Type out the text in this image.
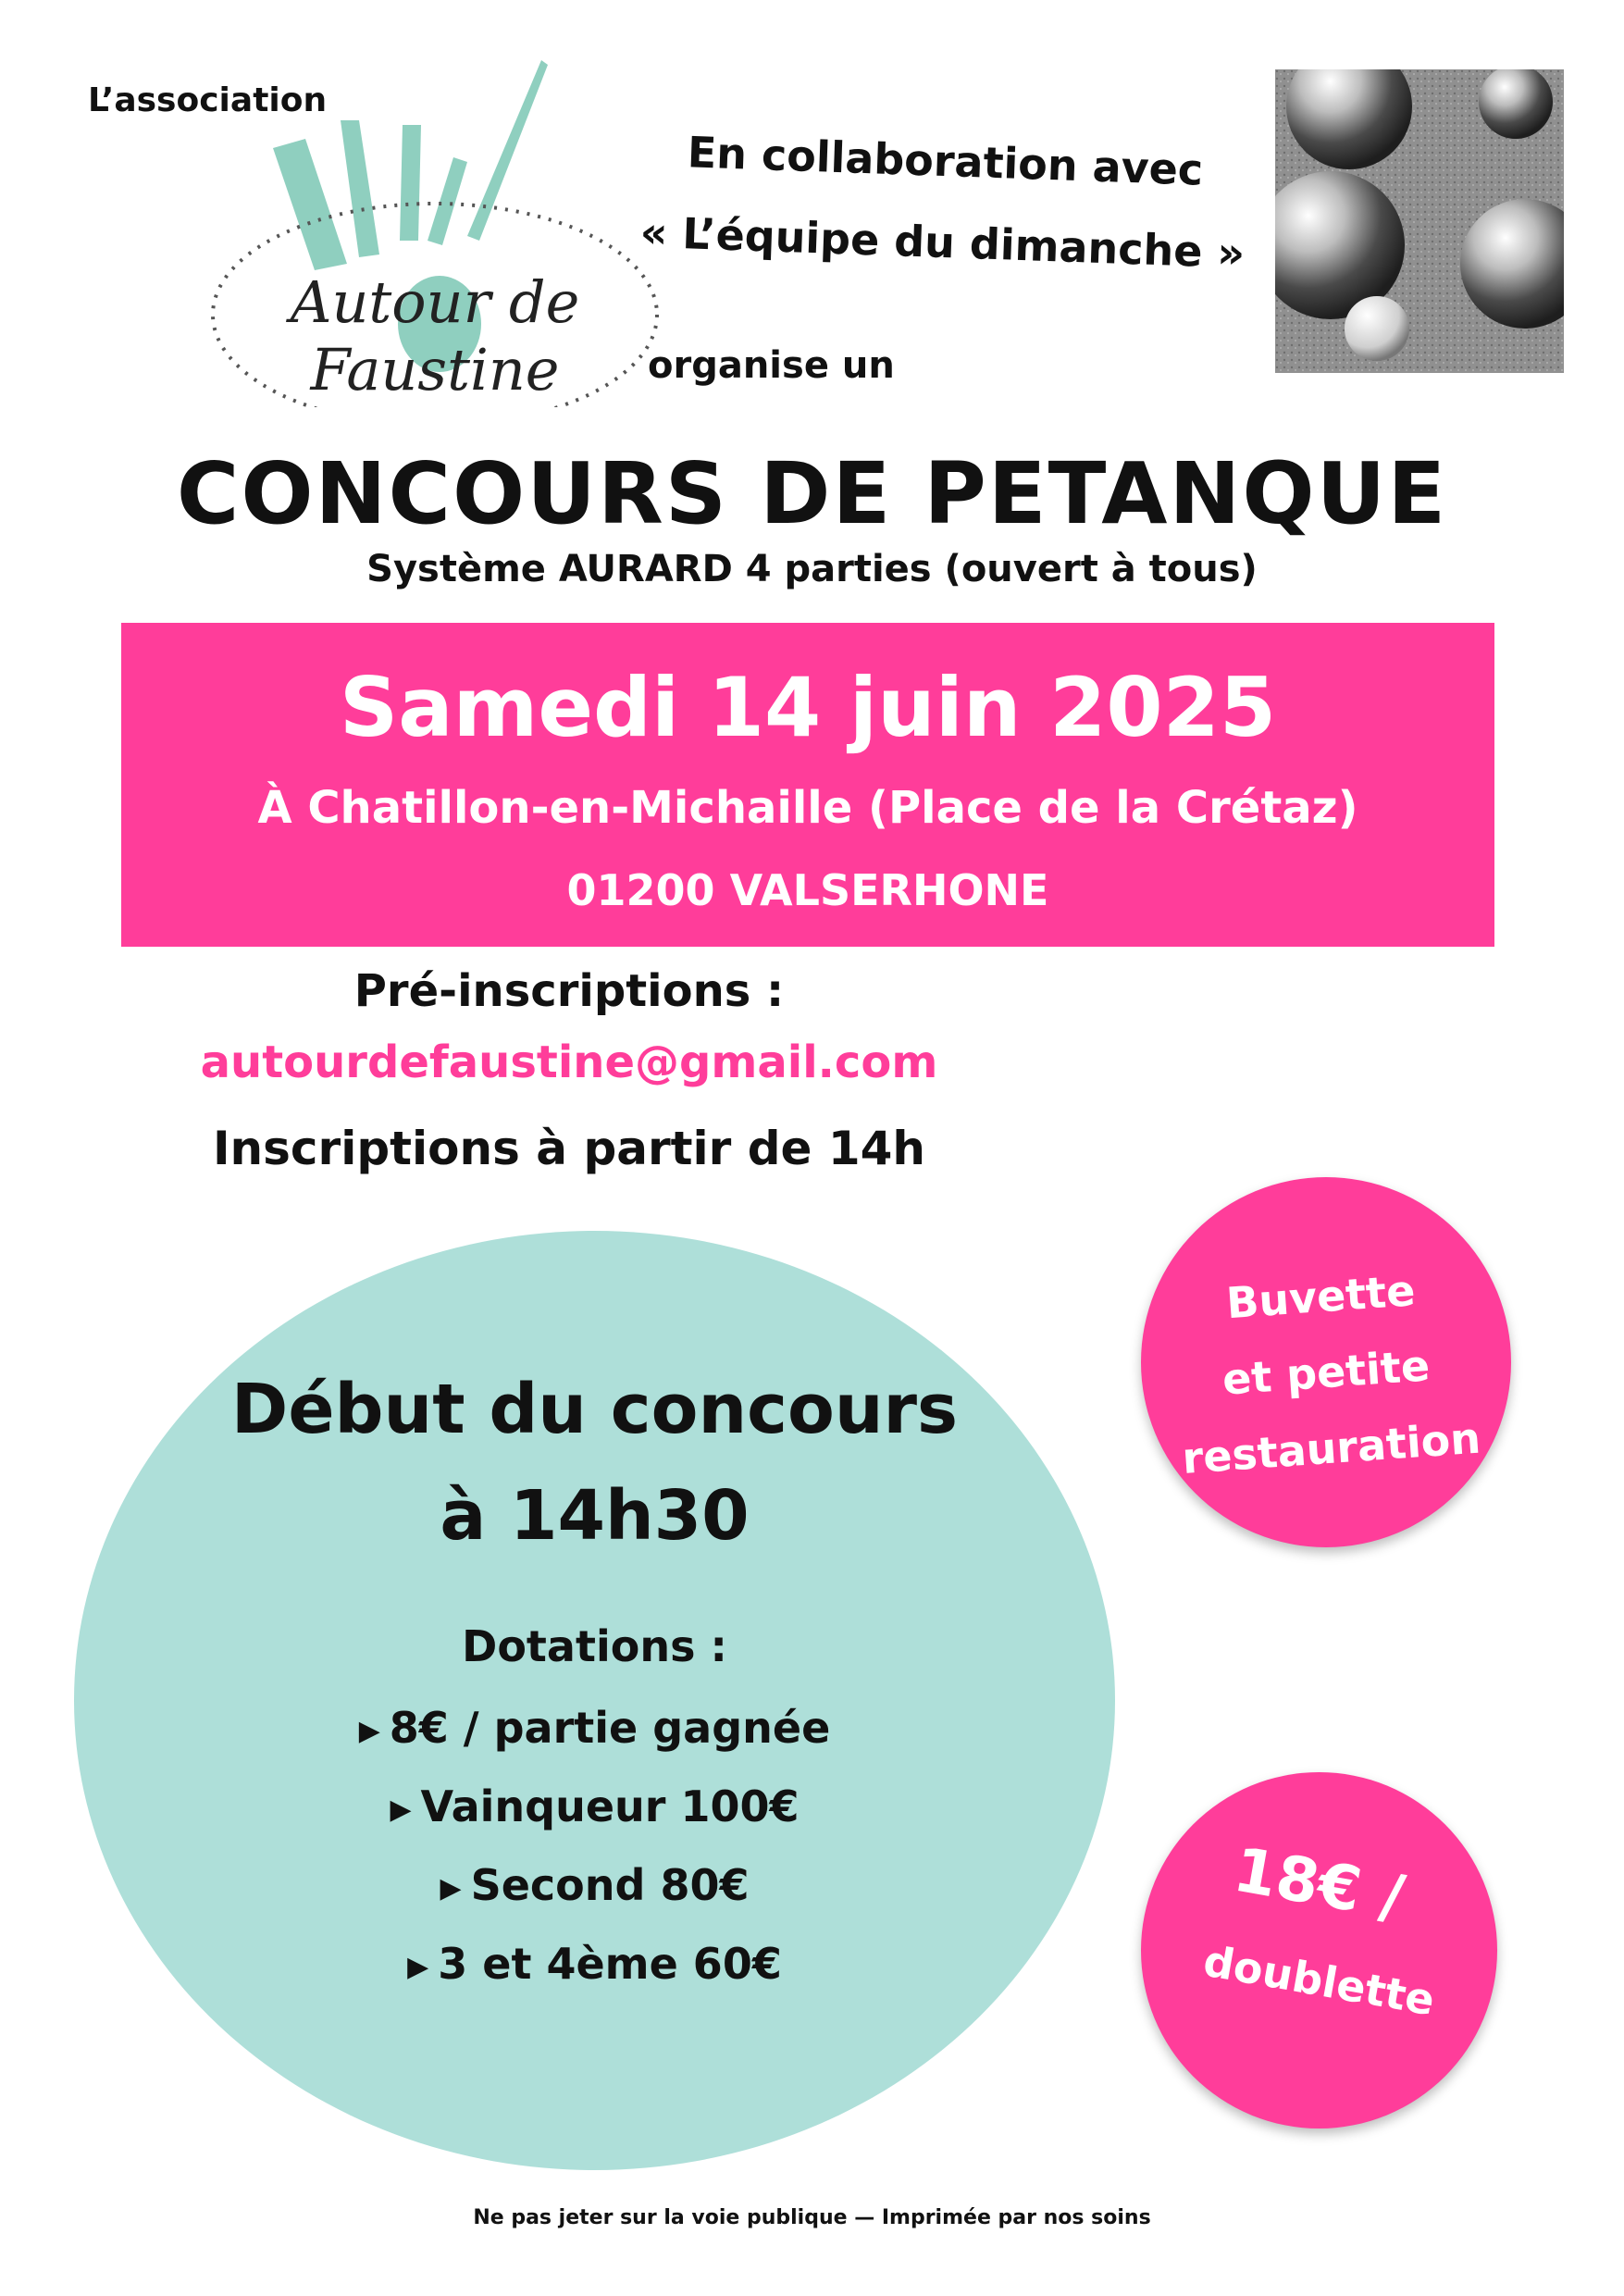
L’association
Autour de Faustine
En collaboration avec
« L’équipe du dimanche »
organise un
CONCOURS DE PETANQUE
Système AURARD 4 parties (ouvert à tous)
Samedi 14 juin 2025
À Chatillon-en-Michaille (Place de la Crétaz)
01200 VALSERHONE
Pré-inscriptions :
autourdefaustine@gmail.com
Inscriptions à partir de 14h
Début du concours
à 14h30
Dotations :
▶ 8€ / partie gagnée
▶ Vainqueur 100€
▶ Second 80€
▶ 3 et 4ème 60€
Buvette
et petite
restauration
18€ /
doublette
Ne pas jeter sur la voie publique — Imprimée par nos soins
